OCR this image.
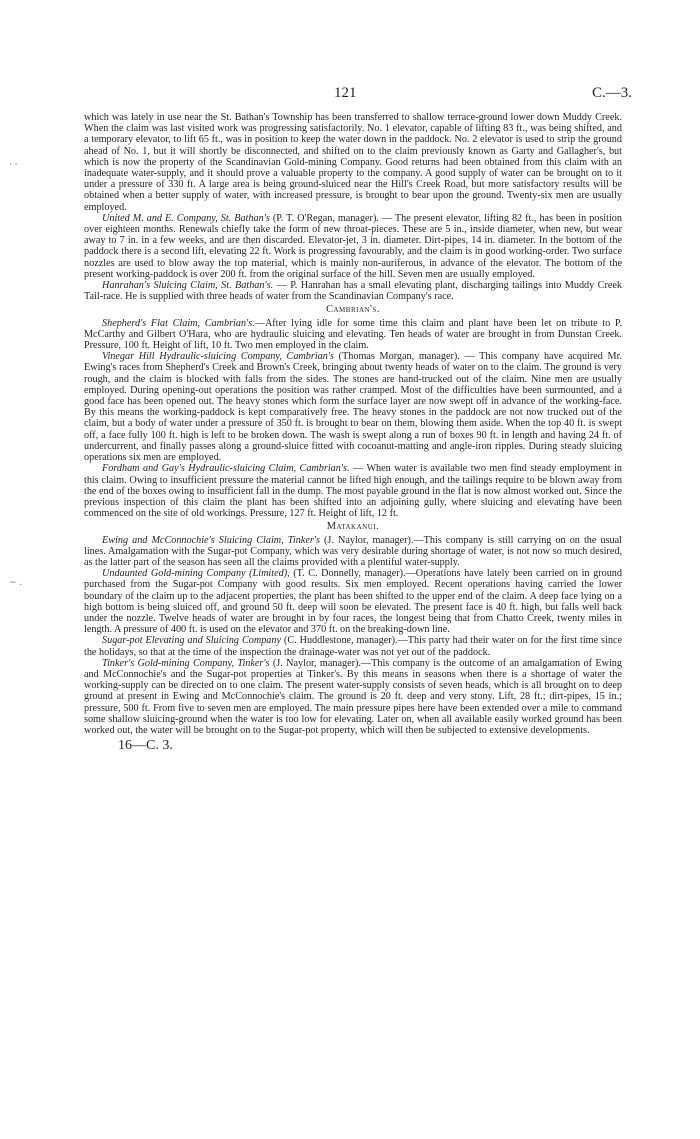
121	C.—3.
· ·
~ .

which was lately in use near the St. Bathan's Township has been transferred to shallow terrace-ground lower down Muddy Creek. When the claim was last visited work was progressing satisfactorily. No. 1 elevator, capable of lifting 83 ft., was being shifted, and a temporary elevator, to lift 65 ft., was in position to keep the water down in the paddock. No. 2 elevator is used to strip the ground ahead of No. 1, but it will shortly be disconnected, and shifted on to the claim previously known as Garty and Gallagher's, but which is now the property of the Scandinavian Gold-mining Company. Good returns had been obtained from this claim with an inadequate water-supply, and it should prove a valuable property to the company. A good supply of water can be brought on to it under a pressure of 330 ft. A large area is being ground-sluiced near the Hill's Creek Road, but more satisfactory results will be obtained when a better supply of water, with increased pressure, is brought to bear upon the ground. Twenty-six men are usually employed.

United M. and E. Company, St. Bathan's (P. T. O'Regan, manager). — The present elevator, lifting 82 ft., has been in position over eighteen months. Renewals chiefly take the form of new throat-pieces. These are 5 in., inside diameter, when new, but wear away to 7 in. in a few weeks, and are then discarded. Elevator-jet, 3 in. diameter. Dirt-pipes, 14 in. diameter. In the bottom of the paddock there is a second lift, elevating 22 ft. Work is progressing favourably, and the claim is in good working-order. Two surface nozzles are used to blow away the top material, which is mainly non-auriferous, in advance of the elevator. The bottom of the present working-paddock is over 200 ft. from the original surface of the hill. Seven men are usually employed.

Hanrahan's Sluicing Claim, St. Bathan's. — P. Hanrahan has a small elevating plant, discharging tailings into Muddy Creek Tail-race. He is supplied with three heads of water from the Scandinavian Company's race.

Cambrian's.

Shepherd's Flat Claim, Cambrian's.—After lying idle for some time this claim and plant have been let on tribute to P. McCarthy and Gilbert O'Hara, who are hydraulic sluicing and elevating. Ten heads of water are brought in from Dunstan Creek. Pressure, 100 ft. Height of lift, 10 ft. Two men employed in the claim.

Vinegar Hill Hydraulic-sluicing Company, Cambrian's (Thomas Morgan, manager). — This company have acquired Mr. Ewing's races from Shepherd's Creek and Brown's Creek, bringing about twenty heads of water on to the claim. The ground is very rough, and the claim is blocked with falls from the sides. The stones are hand-trucked out of the claim. Nine men are usually employed. During opening-out operations the position was rather cramped. Most of the difficulties have been surmounted, and a good face has been opened out. The heavy stones which form the surface layer are now swept off in advance of the working-face. By this means the working-paddock is kept comparatively free. The heavy stones in the paddock are not now trucked out of the claim, but a body of water under a pressure of 350 ft. is brought to bear on them, blowing them aside. When the top 40 ft. is swept off, a face fully 100 ft. high is left to be broken down. The wash is swept along a run of boxes 90 ft. in length and having 24 ft. of undercurrent, and finally passes along a ground-sluice fitted with cocoanut-matting and angle-iron ripples. During steady sluicing operations six men are employed.

Fordham and Gay's Hydraulic-sluicing Claim, Cambrian's. — When water is available two men find steady employment in this claim. Owing to insufficient pressure the material cannot be lifted high enough, and the tailings require to be blown away from the end of the boxes owing to insufficient fall in the dump. The most payable ground in the flat is now almost worked out. Since the previous inspection of this claim the plant has been shifted into an adjoining gully, where sluicing and elevating have been commenced on the site of old workings. Pressure, 127 ft. Height of lift, 12 ft.

Matakanui.

Ewing and McConnochie's Sluicing Claim, Tinker's (J. Naylor, manager).—This company is still carrying on on the usual lines. Amalgamation with the Sugar-pot Company, which was very desirable during shortage of water, is not now so much desired, as the latter part of the season has seen all the claims provided with a plentiful water-supply.

Undaunted Gold-mining Company (Limited), (T. C. Donnelly, manager).—Operations have lately been carried on in ground purchased from the Sugar-pot Company with good results. Six men employed. Recent operations having carried the lower boundary of the claim up to the adjacent properties, the plant has been shifted to the upper end of the claim. A deep face lying on a high bottom is being sluiced off, and ground 50 ft. deep will soon be elevated. The present face is 40 ft. high, but falls well back under the nozzle. Twelve heads of water are brought in by four races, the longest being that from Chatto Creek, twenty miles in length. A pressure of 400 ft. is used on the elevator and 370 ft. on the breaking-down line.

Sugar-pot Elevating and Sluicing Company (C. Huddlestone, manager).—This party had their water on for the first time since the holidays, so that at the time of the inspection the drainage-water was not yet out of the paddock.

Tinker's Gold-mining Company, Tinker's (J. Naylor, manager).—This company is the outcome of an amalgamation of Ewing and McConnochie's and the Sugar-pot properties at Tinker's. By this means in seasons when there is a shortage of water the working-supply can be directed on to one claim. The present water-supply consists of seven heads, which is all brought on to deep ground at present in Ewing and McConnochie's claim. The ground is 20 ft. deep and very stony. Lift, 28 ft.; dirt-pipes, 15 in.; pressure, 500 ft. From five to seven men are employed. The main pressure pipes here have been extended over a mile to command some shallow sluicing-ground when the water is too low for elevating. Later on, when all available easily worked ground has been worked out, the water will be brought on to the Sugar-pot property, which will then be subjected to extensive developments.

16—C. 3.
